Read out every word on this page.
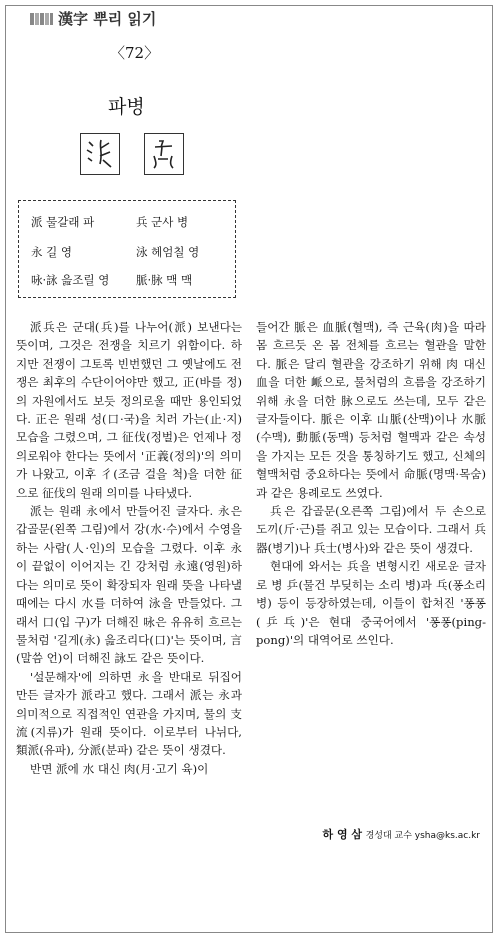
漢字 뿌리 읽기
〈72〉
파병
派 물갈래 파	兵 군사 병
永 길 영	泳 헤엄칠 영
咏·詠 읊조릴 영 脈·脉 맥 맥

派兵은 군대(兵)를 나누어(派) 보낸다는 뜻이며, 그것은 전쟁을 치르기 위함이다. 하지만 전쟁이 그토록 빈번했던 그 옛날에도 전쟁은 최후의 수단이어야만 했고, 正(바를 정)의 자원에서도 보듯 정의로울 때만 용인되었다. 正은 원래 성(口·국)을 치러 가는(止·지) 모습을 그렸으며, 그 征伐(정벌)은 언제나 정의로워야 한다는 뜻에서 '正義(정의)'의 의미가 나왔고, 이후 彳(조금 걸을 척)을 더한 征으로 征伐의 원래 의미를 나타냈다.

派는 원래 永에서 만들어진 글자다. 永은 갑골문(왼쪽 그림)에서 강(水·수)에서 수영을 하는 사람(人·인)의 모습을 그렸다. 이후 永이 끝없이 이어지는 긴 강처럼 永遠(영원)하다는 의미로 뜻이 확장되자 원래 뜻을 나타낼 때에는 다시 水를 더하여 泳을 만들었다. 그래서 口(입 구)가 더해진 咏은 유유히 흐르는 물처럼 '길게(永) 읊조리다(口)'는 뜻이며, 言(말씀 언)이 더해진 詠도 같은 뜻이다.

'설문해자'에 의하면 永을 반대로 뒤집어 만든 글자가 派라고 했다. 그래서 派는 永과 의미적으로 직접적인 연관을 가지며, 물의 支流(지류)가 원래 뜻이다. 이로부터 나뉘다, 類派(유파), 分派(분파) 같은 뜻이 생겼다.

반면 派에 水 대신 肉(月·고기 육)이

들어간 脈은 血脈(혈맥), 즉 근육(肉)을 따라 몸 흐르듯 온 몸 전체를 흐르는 혈관을 말한다. 脈은 달리 혈관을 강조하기 위해 肉 대신 血을 더한 衇으로, 물처럼의 흐름을 강조하기 위해 永을 더한 脉으로도 쓰는데, 모두 같은 글자들이다. 脈은 이후 山脈(산맥)이나 水脈(수맥), 動脈(동맥) 등처럼 혈맥과 같은 속성을 가지는 모든 것을 통칭하기도 했고, 신체의 혈맥처럼 중요하다는 뜻에서 命脈(명맥·목숨)과 같은 용례로도 쓰였다.

兵은 갑골문(오른쪽 그림)에서 두 손으로 도끼(斤·근)를 쥐고 있는 모습이다. 그래서 兵器(병기)나 兵士(병사)와 같은 뜻이 생겼다.

현대에 와서는 兵을 변형시킨 새로운 글자로 병 乒(물건 부딪히는 소리 병)과 乓(퐁소리 병) 등이 등장하였는데, 이들이 합쳐진 '퐁퐁(乒乓)'은 현대 중국어에서 '퐁퐁(ping-pong)'의 대역어로 쓰인다.

하 영 삼 경성대 교수 ysha@ks.ac.kr
